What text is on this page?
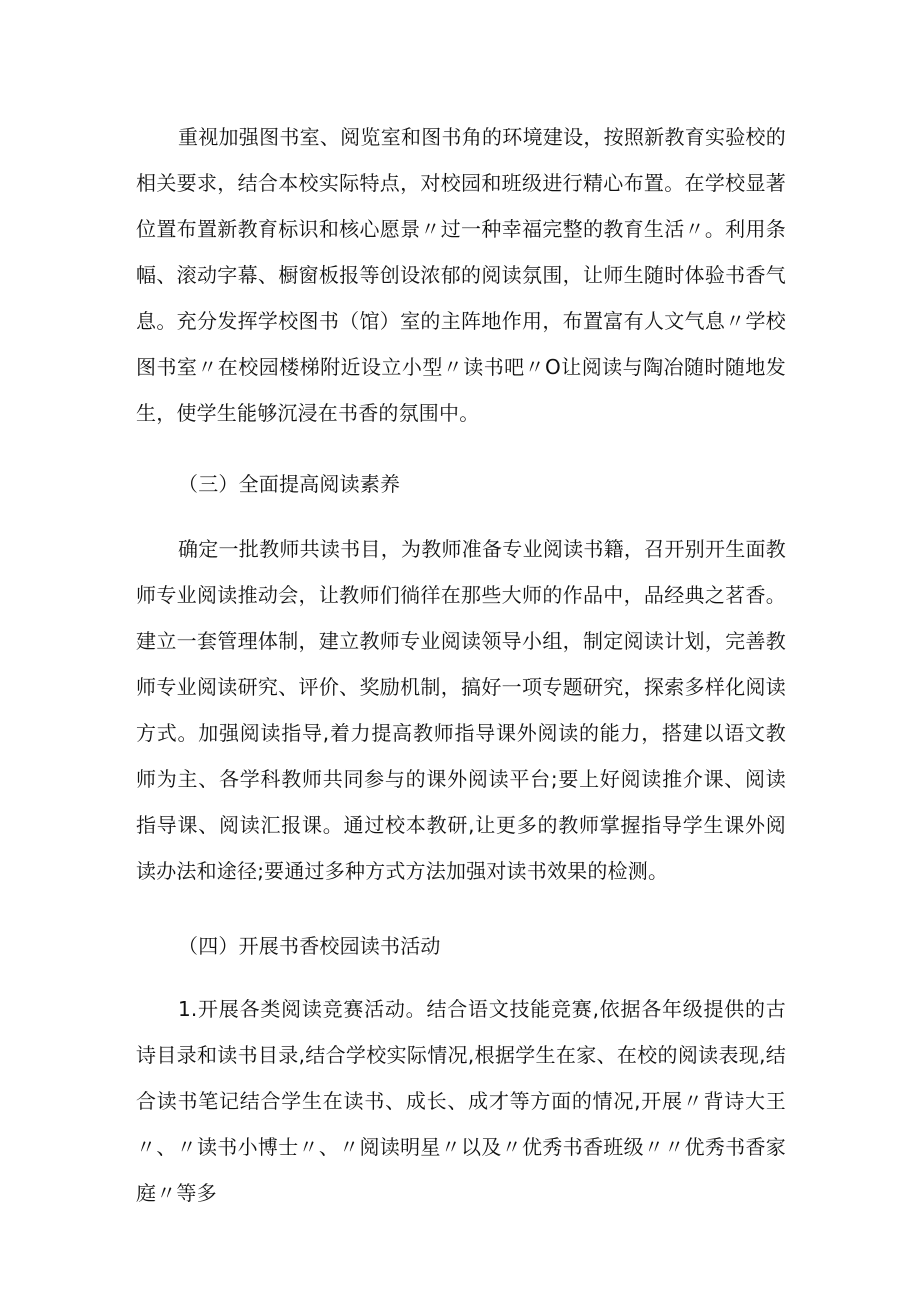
重视加强图书室、阅览室和图书角的环境建设，按照新教育实验校的相关要求，结合本校实际特点，对校园和班级进行精心布置。在学校显著位置布置新教育标识和核心愿景〃过一种幸福完整的教育生活〃。利用条幅、滚动字幕、橱窗板报等创设浓郁的阅读氛围，让师生随时体验书香气息。充分发挥学校图书（馆）室的主阵地作用，布置富有人文气息〃学校图书室〃在校园楼梯附近设立小型〃读书吧〃O让阅读与陶冶随时随地发生，使学生能够沉浸在书香的氛围中。

（三）全面提高阅读素养

确定一批教师共读书目，为教师准备专业阅读书籍，召开别开生面教师专业阅读推动会，让教师们徜徉在那些大师的作品中，品经典之茗香。建立一套管理体制，建立教师专业阅读领导小组，制定阅读计划，完善教师专业阅读研究、评价、奖励机制，搞好一项专题研究，探索多样化阅读方式。加强阅读指导,着力提高教师指导课外阅读的能力，搭建以语文教师为主、各学科教师共同参与的课外阅读平台;要上好阅读推介课、阅读指导课、阅读汇报课。通过校本教研,让更多的教师掌握指导学生课外阅读办法和途径;要通过多种方式方法加强对读书效果的检测。

（四）开展书香校园读书活动

1.开展各类阅读竞赛活动。结合语文技能竞赛,依据各年级提供的古诗目录和读书目录,结合学校实际情况,根据学生在家、在校的阅读表现,结合读书笔记结合学生在读书、成长、成才等方面的情况,开展〃背诗大王〃、〃读书小博士〃、〃阅读明星〃以及〃优秀书香班级〃〃优秀书香家庭〃等多
